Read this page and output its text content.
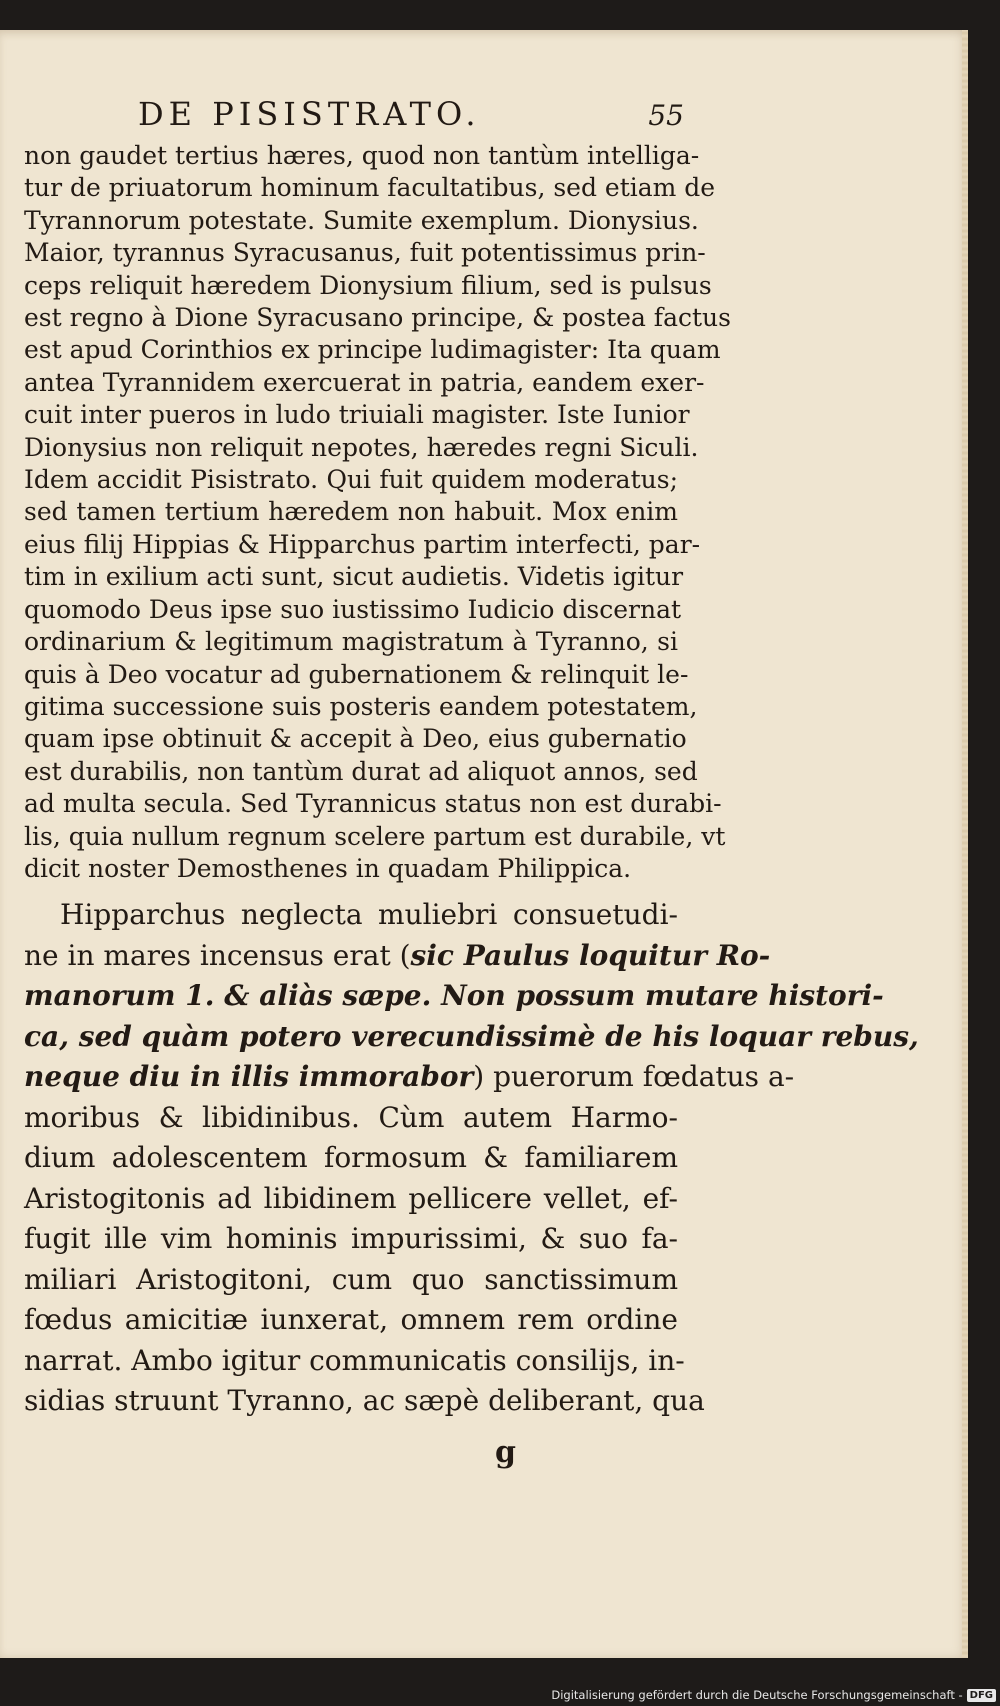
DE PISISTRATO.	55
non gaudet tertius hæres, quod non tantùm intelliga-
tur de priuatorum hominum facultatibus, sed etiam de
Tyrannorum potestate. Sumite exemplum. Dionysius.
Maior, tyrannus Syracusanus, fuit potentissimus prin-
ceps reliquit hæredem Dionysium filium, sed is pulsus
est regno à Dione Syracusano principe, & postea factus
est apud Corinthios ex principe ludimagister: Ita quam
antea Tyrannidem exercuerat in patria, eandem exer-
cuit inter pueros in ludo triuiali magister. Iste Iunior
Dionysius non reliquit nepotes, hæredes regni Siculi.
Idem accidit Pisistrato. Qui fuit quidem moderatus;
sed tamen tertium hæredem non habuit. Mox enim
eius filij Hippias & Hipparchus partim interfecti, par-
tim in exilium acti sunt, sicut audietis. Videtis igitur
quomodo Deus ipse suo iustissimo Iudicio discernat
ordinarium & legitimum magistratum à Tyranno, si
quis à Deo vocatur ad gubernationem & relinquit le-
gitima successione suis posteris eandem potestatem,
quam ipse obtinuit & accepit à Deo, eius gubernatio
est durabilis, non tantùm durat ad aliquot annos, sed
ad multa secula. Sed Tyrannicus status non est durabi-
lis, quia nullum regnum scelere partum est durabile, vt
dicit noster Demosthenes in quadam Philippica.
Hipparchus neglecta muliebri consuetudi-
ne in mares incensus erat (sic Paulus loquitur Ro-
manorum 1. & aliàs sæpe. Non possum mutare histori-
ca, sed quàm potero verecundissimè de his loquar rebus,
neque diu in illis immorabor) puerorum fœdatus a-
moribus & libidinibus. Cùm autem Harmo-
dium adolescentem formosum & familiarem
Aristogitonis ad libidinem pellicere vellet, ef-
fugit ille vim hominis impurissimi, & suo fa-
miliari Aristogitoni, cum quo sanctissimum
fœdus amicitiæ iunxerat, omnem rem ordine
narrat. Ambo igitur communicatis consilijs, in-
sidias struunt Tyranno, ac sæpè deliberant, qua
g
Digitalisierung gefördert durch die Deutsche Forschungsgemeinschaft - DFG
